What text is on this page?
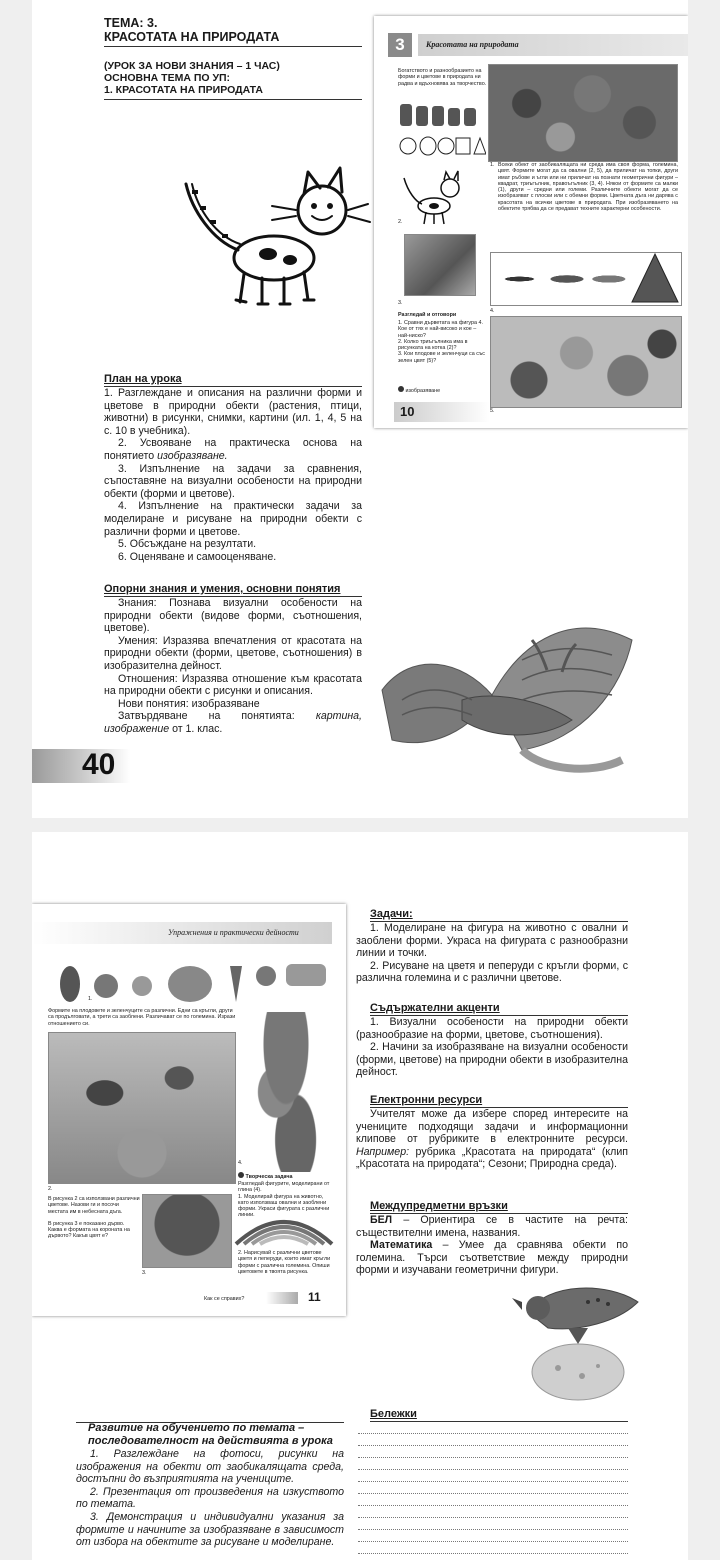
ТЕМА: 3.
КРАСОТАТА НА ПРИРОДАТА
(УРОК ЗА НОВИ ЗНАНИЯ – 1 ЧАС)
ОСНОВНА ТЕМА ПО УП:
1. КРАСОТАТА НА ПРИРОДАТА
Красотата на природата
3
Богатството и разнообразието на форми и цветове в природата ни радва и вдъхновява за творчество.
1. Всеки обект от заобикалящата ни среда има своя форма, големина, цвят. Формите могат да са овални (2, 5), да приличат на топки, други имат ръбове и ъгли или ни приличат на познати геометрични фигури – квадрат, триъгълник, правоъгълник (3, 4). Някои от формите са малки (1), други – средни или големи. Различните обекти могат да се изобразяват с плоски или с обемни форми. Цветната дъга ни дарява с красотата на всички цветове в природата. При изобразяването на обектите трябва да се предават техните характерни особености.
2.
3.
4.
5.
Разгледай и отговори
1. Сравни дърветата на фигура 4. Кое от тях е най-високо и кое – най-ниско?
2. Колко триъгълника има в рисунката на котка (2)?
3. Кои плодове и зеленчуци са със зелен цвят (5)?
изобразяване
10
План на урока

1. Разглеждане и описания на различни форми и цветове в природни обекти (растения, птици, животни) в рисунки, снимки, картини (ил. 1, 4, 5 на с. 10 в учебника).

2. Усвояване на практическа основа на понятието изобразяване.

3. Изпълнение на задачи за сравнения, съпоставяне на визуални особености на природни обекти (форми и цветове).

4. Изпълнение на практически задачи за моделиране и рисуване на природни обекти с различни форми и цветове.

5. Обсъждане на резултати.

6. Оценяване и самооценяване.

Опорни знания и умения, основни понятия

Знания: Познава визуални особености на природни обекти (видове форми, съотношения, цветове).

Умения: Изразява впечатления от красотата на природни обекти (форми, цветове, съотношения) в изобразителна дейност.

Отношения: Изразява отношение към красотата на природни обекти с рисунки и описания.

Нови понятия: изобразяване

Затвърдяване на понятията: картина, изображение от 1. клас.

40
Упражнения и практически дейности
1.
Формите на плодовете и зеленчуците са различни. Едни са кръгли, други са продълговати, а трети са заоблени. Различават се по големина. Изрази отношението си.
4.
2.
Творческа задача
Разгледай фигурите, моделирани от глина (4).
1. Моделирай фигура на животно, като използваш овални и заоблени форми. Украси фигурата с различни линии.
В рисунка 2 са използвани различни цветове. Назови ги и посочи местата им в небесната дъга.
В рисунка 3 е показано дърво. Каква е формата на короната на дървото? Какъв цвят е?
3.
2. Нарисувай с различни цветове цветя и пеперуди, които имат кръгли форми с различна големина. Опиши цветовете в твоята рисунка.
Как се справих?	11
Задачи:

1. Моделиране на фигура на животно с овални и заоблени форми. Украса на фигурата с разнообразни линии и точки.

2. Рисуване на цветя и пеперуди с кръгли форми, с различна големина и с различни цветове.

Съдържателни акценти

1. Визуални особености на природни обекти (разнообразие на форми, цветове, съотношения).

2. Начини за изобразяване на визуални особености (форми, цветове) на природни обекти в изобразителна дейност.

Електронни ресурси

Учителят може да избере според интересите на учениците подходящи задачи и информационни клипове от рубриките в електронните ресурси. Например: рубрика „Красотата на природата“ (клип „Красотата на природата“; Сезони; Природна среда).

Междупредметни връзки

БЕЛ – Ориентира се в частите на речта: съществителни имена, названия.

Математика – Умее да сравнява обекти по големина. Търси съответствие между природни форми и изучавани геометрични фигури.

Развитие на обучението по темата –
последователност на действията в урока

1. Разглеждане на фотоси, рисунки на изображения на обекти от заобикалящата среда, достъпни до възприятията на учениците.

2. Презентация от произведения на изкуството по темата.

3. Демонстрация и индивидуални указания за формите и начините за изобразяване в зависимост от избора на обектите за рисуване и моделиране.

Бележки
